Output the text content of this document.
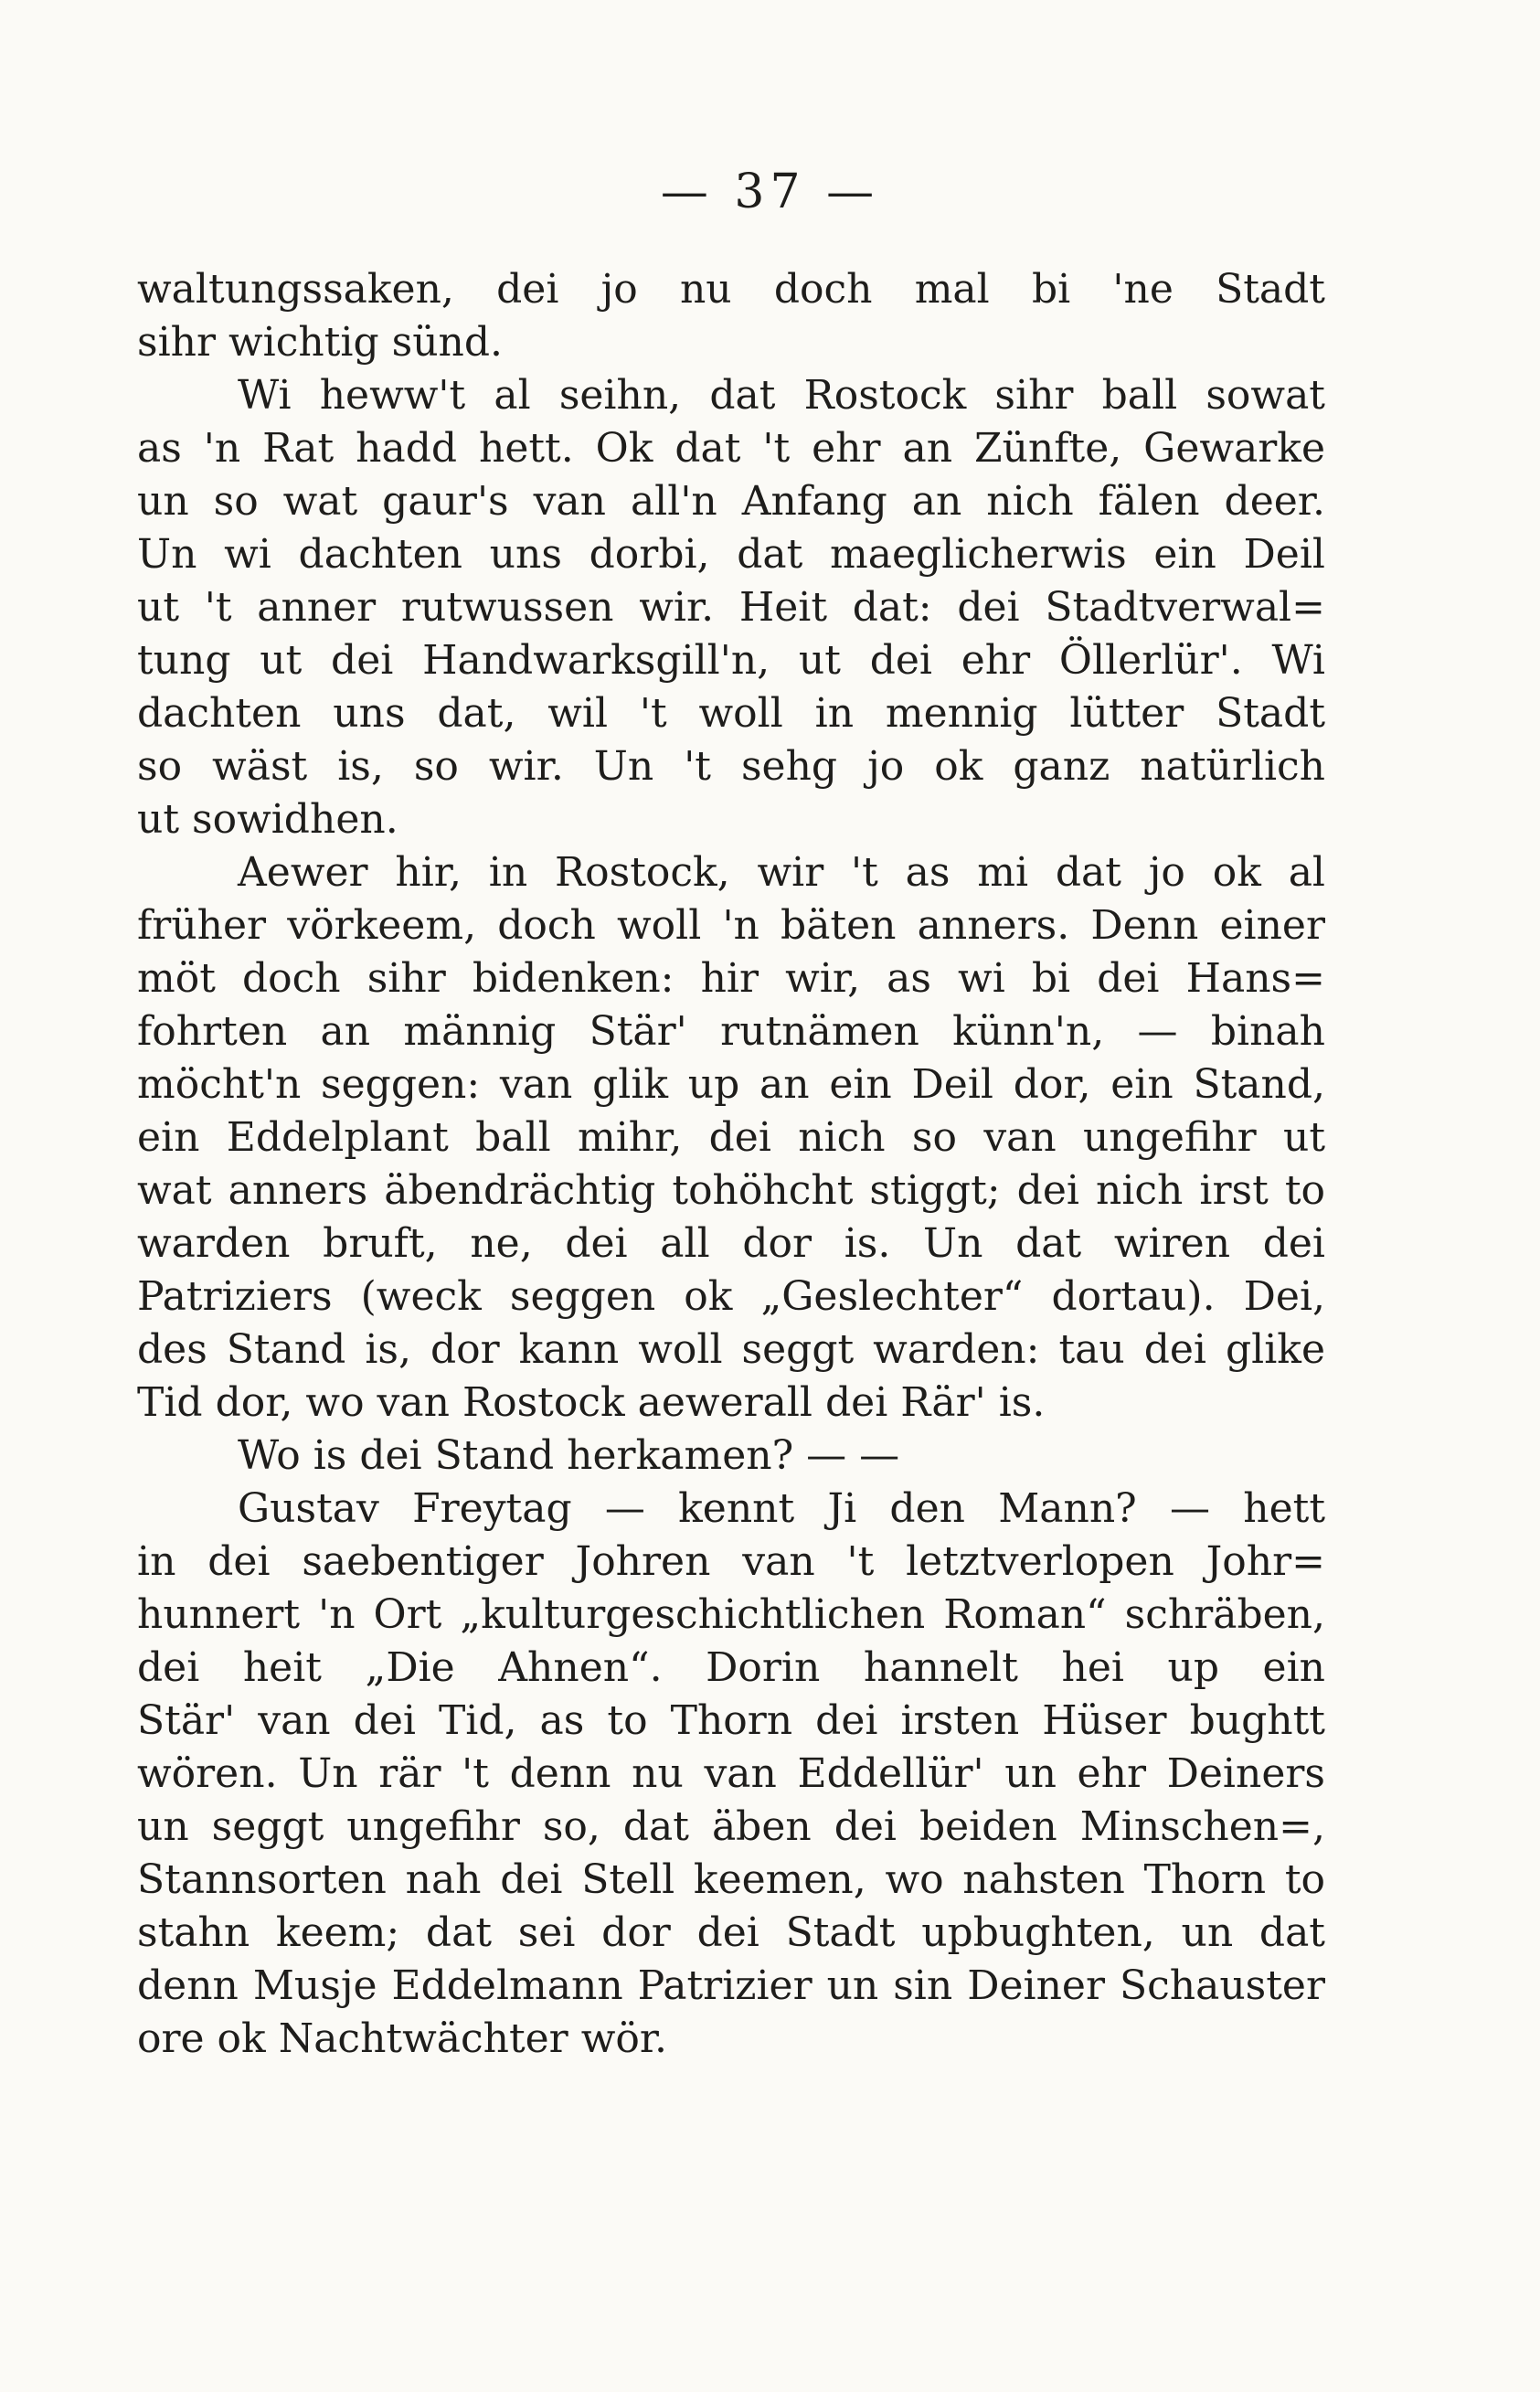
— 37 —
waltungssaken, dei jo nu doch mal bi 'ne Stadt
sihr wichtig sünd.
Wi heww't al seihn, dat Rostock sihr ball sowat
as 'n Rat hadd hett. Ok dat 't ehr an Zünfte, Gewarke
un so wat gaur's van all'n Anfang an nich fälen deer.
Un wi dachten uns dorbi, dat maeglicherwis ein Deil
ut 't anner rutwussen wir. Heit dat: dei Stadtverwal=
tung ut dei Handwarksgill'n, ut dei ehr Öllerlür'. Wi
dachten uns dat, wil 't woll in mennig lütter Stadt
so wäst is, so wir. Un 't sehg jo ok ganz natürlich
ut sowidhen.
Aewer hir, in Rostock, wir 't as mi dat jo ok al
früher vörkeem, doch woll 'n bäten anners. Denn einer
möt doch sihr bidenken: hir wir, as wi bi dei Hans=
fohrten an männig Stär' rutnämen künn'n, — binah
möcht'n seggen: van glik up an ein Deil dor, ein Stand,
ein Eddelplant ball mihr, dei nich so van ungefihr ut
wat anners äbendrächtig tohöhcht stiggt; dei nich irst to
warden bruft, ne, dei all dor is. Un dat wiren dei
Patriziers (weck seggen ok „Geslechter“ dortau). Dei,
des Stand is, dor kann woll seggt warden: tau dei glike
Tid dor, wo van Rostock aewerall dei Rär' is.
Wo is dei Stand herkamen? — —
Gustav Freytag — kennt Ji den Mann? — hett
in dei saebentiger Johren van 't letztverlopen Johr=
hunnert 'n Ort „kulturgeschichtlichen Roman“ schräben,
dei heit „Die Ahnen“. Dorin hannelt hei up ein
Stär' van dei Tid, as to Thorn dei irsten Hüser bughtt
wören. Un rär 't denn nu van Eddellür' un ehr Deiners
un seggt ungefihr so, dat äben dei beiden Minschen=,
Stannsorten nah dei Stell keemen, wo nahsten Thorn to
stahn keem; dat sei dor dei Stadt upbughten, un dat
denn Musje Eddelmann Patrizier un sin Deiner Schauster
ore ok Nachtwächter wör.
